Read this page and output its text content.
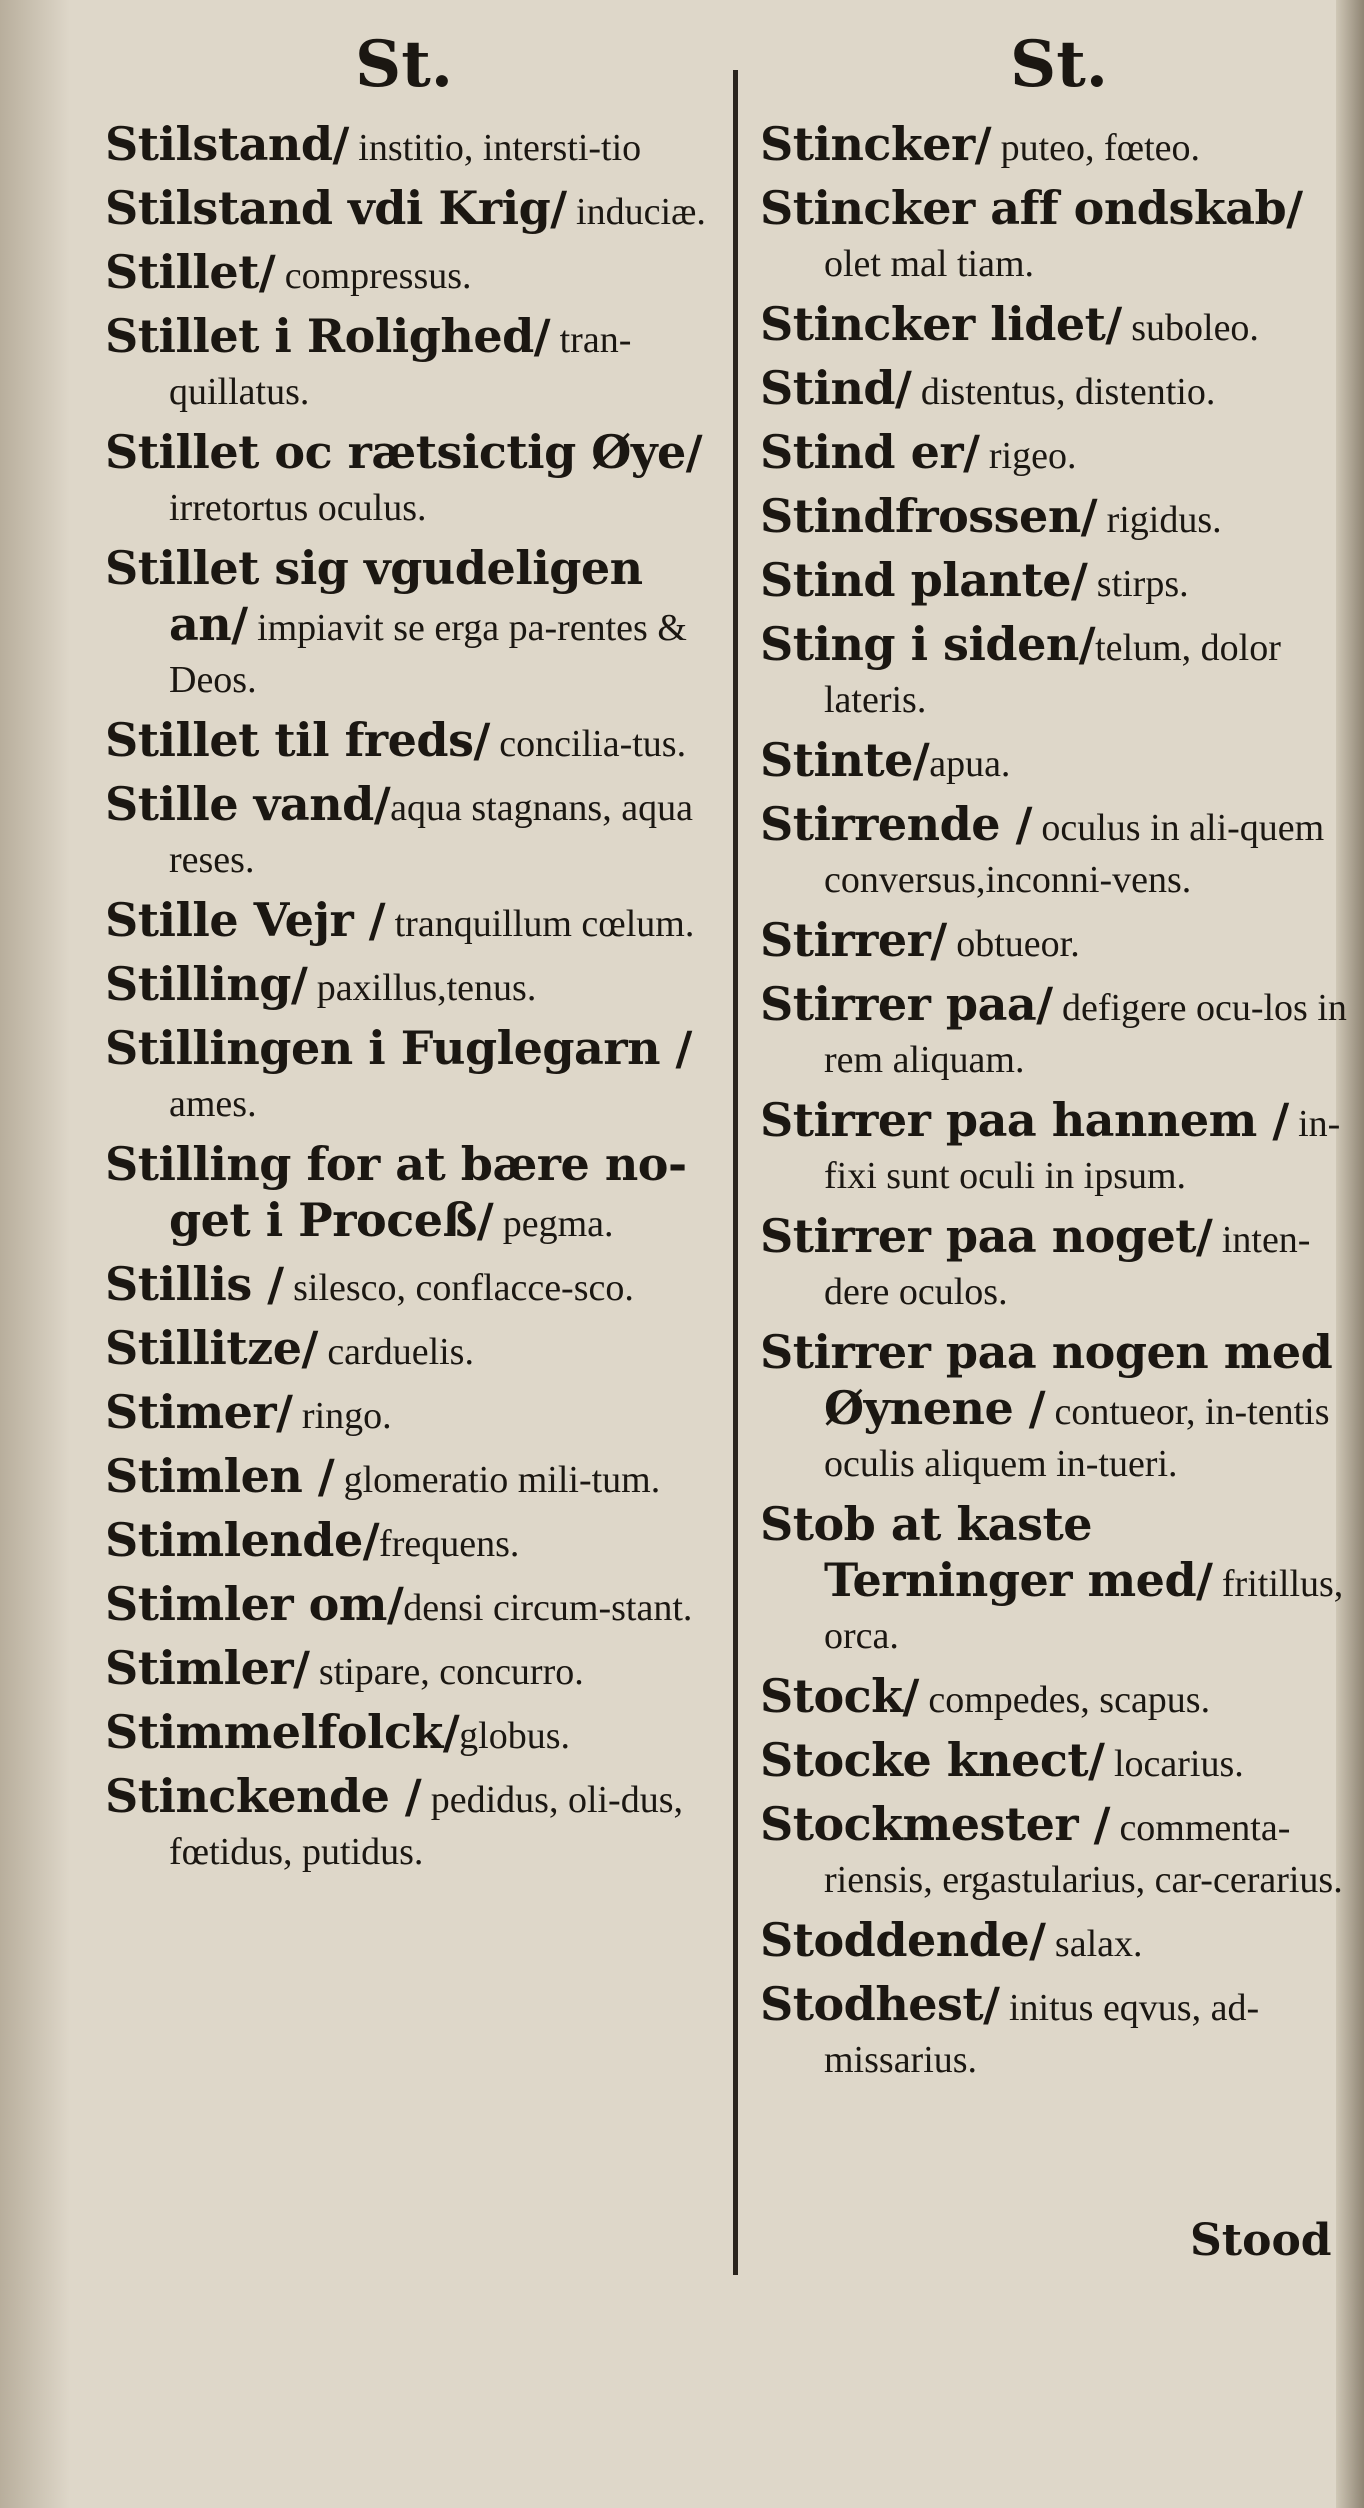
St.

Stilstand/ institio, intersti-tio

Stilstand vdi Krig/ induciæ.

Stillet/ compressus.

Stillet i Rolighed/ tran-quillatus.

Stillet oc rætsictig Øye/ irretortus oculus.

Stillet sig vgudeligen an/ impiavit se erga pa-rentes & Deos.

Stillet til freds/ concilia-tus.

Stille vand/aqua stagnans, aqua reses.

Stille Vejr / tranquillum cœlum.

Stilling/ paxillus,tenus.

Stillingen i Fuglegarn / ames.

Stilling for at bære no-get i Proceß/ pegma.

Stillis / silesco, conflacce-sco.

Stillitze/ carduelis.

Stimer/ ringo.

Stimlen / glomeratio mili-tum.

Stimlende/frequens.

Stimler om/densi circum-stant.

Stimler/ stipare, concurro.

Stimmelfolck/globus.

Stinckende / pedidus, oli-dus, fœtidus, putidus.

St.

Stincker/ puteo, fœteo.

Stincker aff ondskab/ olet mal tiam.

Stincker lidet/ suboleo.

Stind/ distentus, distentio.

Stind er/ rigeo.

Stindfrossen/ rigidus.

Stind plante/ stirps.

Sting i siden/telum, dolor lateris.

Stinte/apua.

Stirrende / oculus in ali-quem conversus,inconni-vens.

Stirrer/ obtueor.

Stirrer paa/ defigere ocu-los in rem aliquam.

Stirrer paa hannem / in-fixi sunt oculi in ipsum.

Stirrer paa noget/ inten-dere oculos.

Stirrer paa nogen med Øynene / contueor, in-tentis oculis aliquem in-tueri.

Stob at kaste Terninger med/ fritillus, orca.

Stock/ compedes, scapus.

Stocke knect/ locarius.

Stockmester / commenta-riensis, ergastularius, car-cerarius.

Stoddende/ salax.

Stodhest/ initus eqvus, ad-missarius.

Stood
